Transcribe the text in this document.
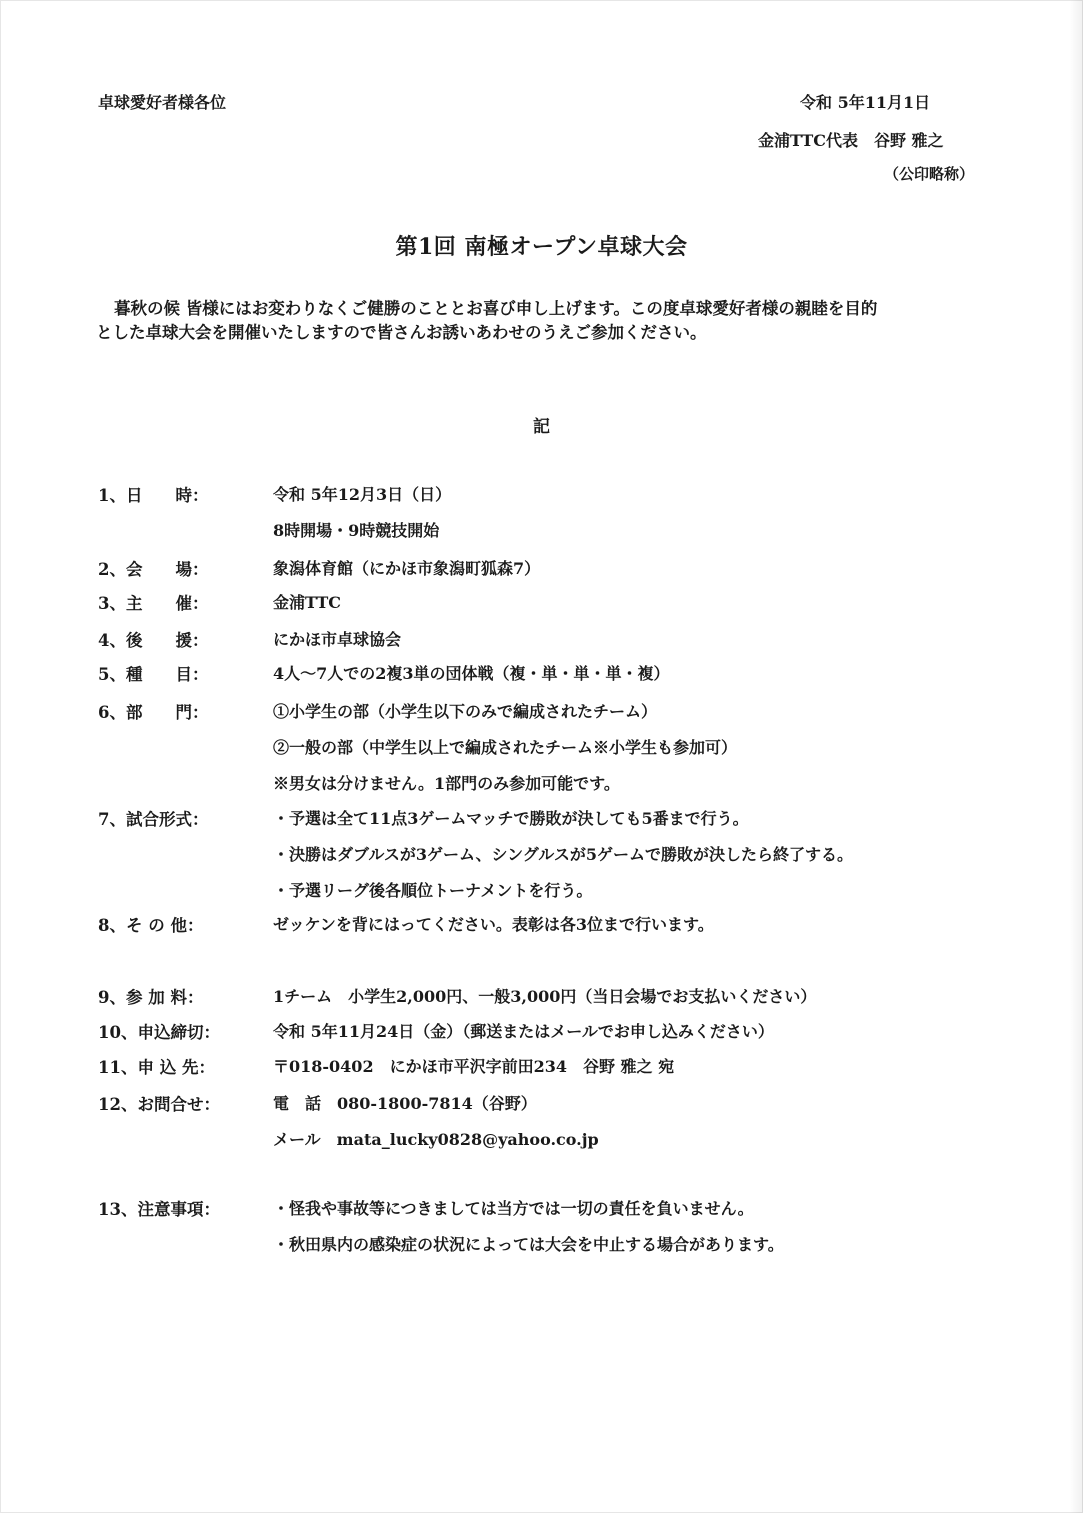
卓球愛好者様各位	令和 5年11月1日
金浦TTC代表　谷野 雅之
（公印略称）
第1回 南極オープン卓球大会
暮秋の候 皆様にはお変わりなくご健勝のこととお喜び申し上げます。この度卓球愛好者様の親睦を目的
とした卓球大会を開催いたしますので皆さんお誘いあわせのうえご参加ください。
記
1、日　　時：	令和 5年12月3日（日）
8時開場・9時競技開始
2、会　　場：	象潟体育館（にかほ市象潟町狐森7）
3、主　　催：	金浦TTC
4、後　　援：	にかほ市卓球協会
5、種　　目：	4人～7人での2複3単の団体戦（複・単・単・単・複）
6、部　　門：	①小学生の部（小学生以下のみで編成されたチーム）
②一般の部（中学生以上で編成されたチーム※小学生も参加可）
※男女は分けません。1部門のみ参加可能です。
7、試合形式：	・予選は全て11点3ゲームマッチで勝敗が決しても5番まで行う。
・決勝はダブルスが3ゲーム、シングルスが5ゲームで勝敗が決したら終了する。
・予選リーグ後各順位トーナメントを行う。
8、そ の 他：	ゼッケンを背にはってください。表彰は各3位まで行います。
9、参 加 料：	1チーム　小学生2,000円、一般3,000円（当日会場でお支払いください）
10、申込締切：	令和 5年11月24日（金）（郵送またはメールでお申し込みください）
11、申 込 先：	〒018-0402　にかほ市平沢字前田234　谷野 雅之 宛
12、お問合せ：	電　話　080-1800-7814（谷野）
メール　mata_lucky0828@yahoo.co.jp
13、注意事項：	・怪我や事故等につきましては当方では一切の責任を負いません。
・秋田県内の感染症の状況によっては大会を中止する場合があります。
